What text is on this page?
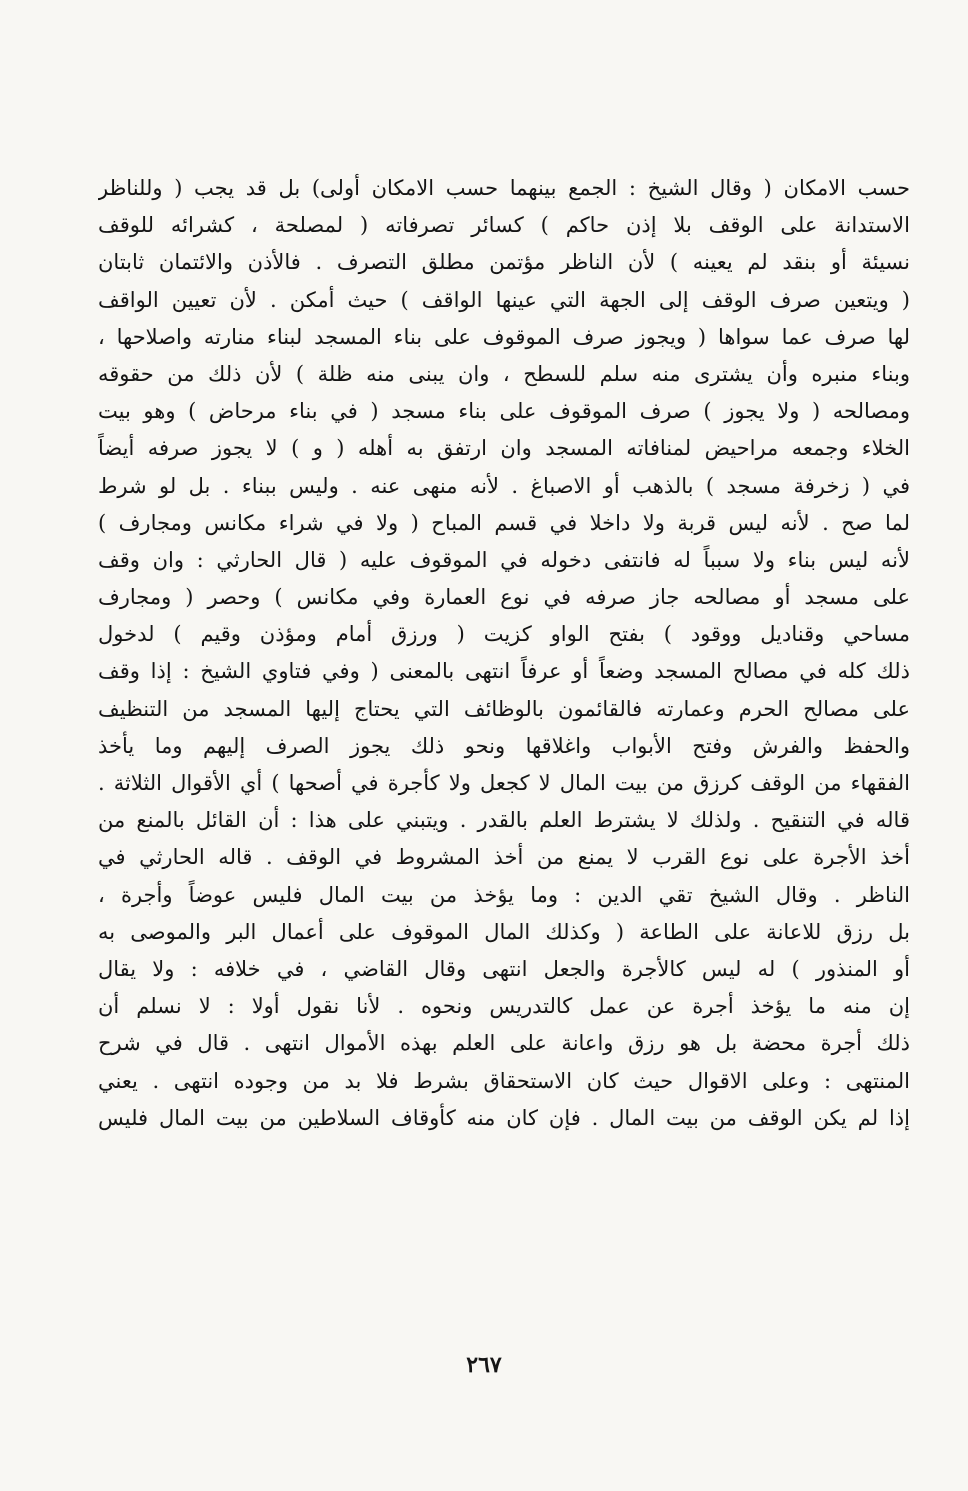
حسب الامكان ( وقال الشيخ : الجمع بينهما حسب الامكان أولى) بل قد يجب ( وللناظر
الاستدانة على الوقف بلا إذن حاكم ) كسائر تصرفاته ( لمصلحة ، كشرائه للوقف
نسيئة أو بنقد لم يعينه ) لأن الناظر مؤتمن مطلق التصرف . فالأذن والائتمان ثابتان
( ويتعين صرف الوقف إلى الجهة التي عينها الواقف ) حيث أمكن . لأن تعيين الواقف
لها صرف عما سواها ( ويجوز صرف الموقوف على بناء المسجد لبناء منارته واصلاحها ،
وبناء منبره وأن يشترى منه سلم للسطح ، وان يبنى منه ظلة ) لأن ذلك من حقوقه
ومصالحه ( ولا يجوز ) صرف الموقوف على بناء مسجد ( في بناء مرحاض ) وهو بيت
الخلاء وجمعه مراحيض لمنافاته المسجد وان ارتفق به أهله ( و ) لا يجوز صرفه أيضاً
في ( زخرفة مسجد ) بالذهب أو الاصباغ . لأنه منهى عنه . وليس ببناء . بل لو شرط
لما صح . لأنه ليس قربة ولا داخلا في قسم المباح ( ولا في شراء مكانس ومجارف )
لأنه ليس بناء ولا سبباً له فانتفى دخوله في الموقوف عليه ( قال الحارثي : وان وقف
على مسجد أو مصالحه جاز صرفه في نوع العمارة وفي مكانس ) وحصر ( ومجارف
مساحي وقناديل ووقود ) بفتح الواو كزيت ( ورزق أمام ومؤذن وقيم ) لدخول
ذلك كله في مصالح المسجد وضعاً أو عرفاً انتهى بالمعنى ( وفي فتاوي الشيخ : إذا وقف
على مصالح الحرم وعمارته فالقائمون بالوظائف التي يحتاج إليها المسجد من التنظيف
والحفظ والفرش وفتح الأبواب واغلاقها ونحو ذلك يجوز الصرف إليهم وما يأخذ
الفقهاء من الوقف كرزق من بيت المال لا كجعل ولا كأجرة في أصحها ) أي الأقوال الثلاثة .
قاله في التنقيح . ولذلك لا يشترط العلم بالقدر . ويتبني على هذا : أن القائل بالمنع من
أخذ الأجرة على نوع القرب لا يمنع من أخذ المشروط في الوقف . قاله الحارثي في
الناظر . وقال الشيخ تقي الدين : وما يؤخذ من بيت المال فليس عوضاً وأجرة ،
بل رزق للاعانة على الطاعة ( وكذلك المال الموقوف على أعمال البر والموصى به
أو المنذور ) له ليس كالأجرة والجعل انتهى وقال القاضي ، في خلافه : ولا يقال
إن منه ما يؤخذ أجرة عن عمل كالتدريس ونحوه . لأنا نقول أولا : لا نسلم أن
ذلك أجرة محضة بل هو رزق واعانة على العلم بهذه الأموال انتهى . قال في شرح
المنتهى : وعلى الاقوال حيث كان الاستحقاق بشرط فلا بد من وجوده انتهى . يعني
إذا لم يكن الوقف من بيت المال . فإن كان منه كأوقاف السلاطين من بيت المال فليس
٢٦٧
